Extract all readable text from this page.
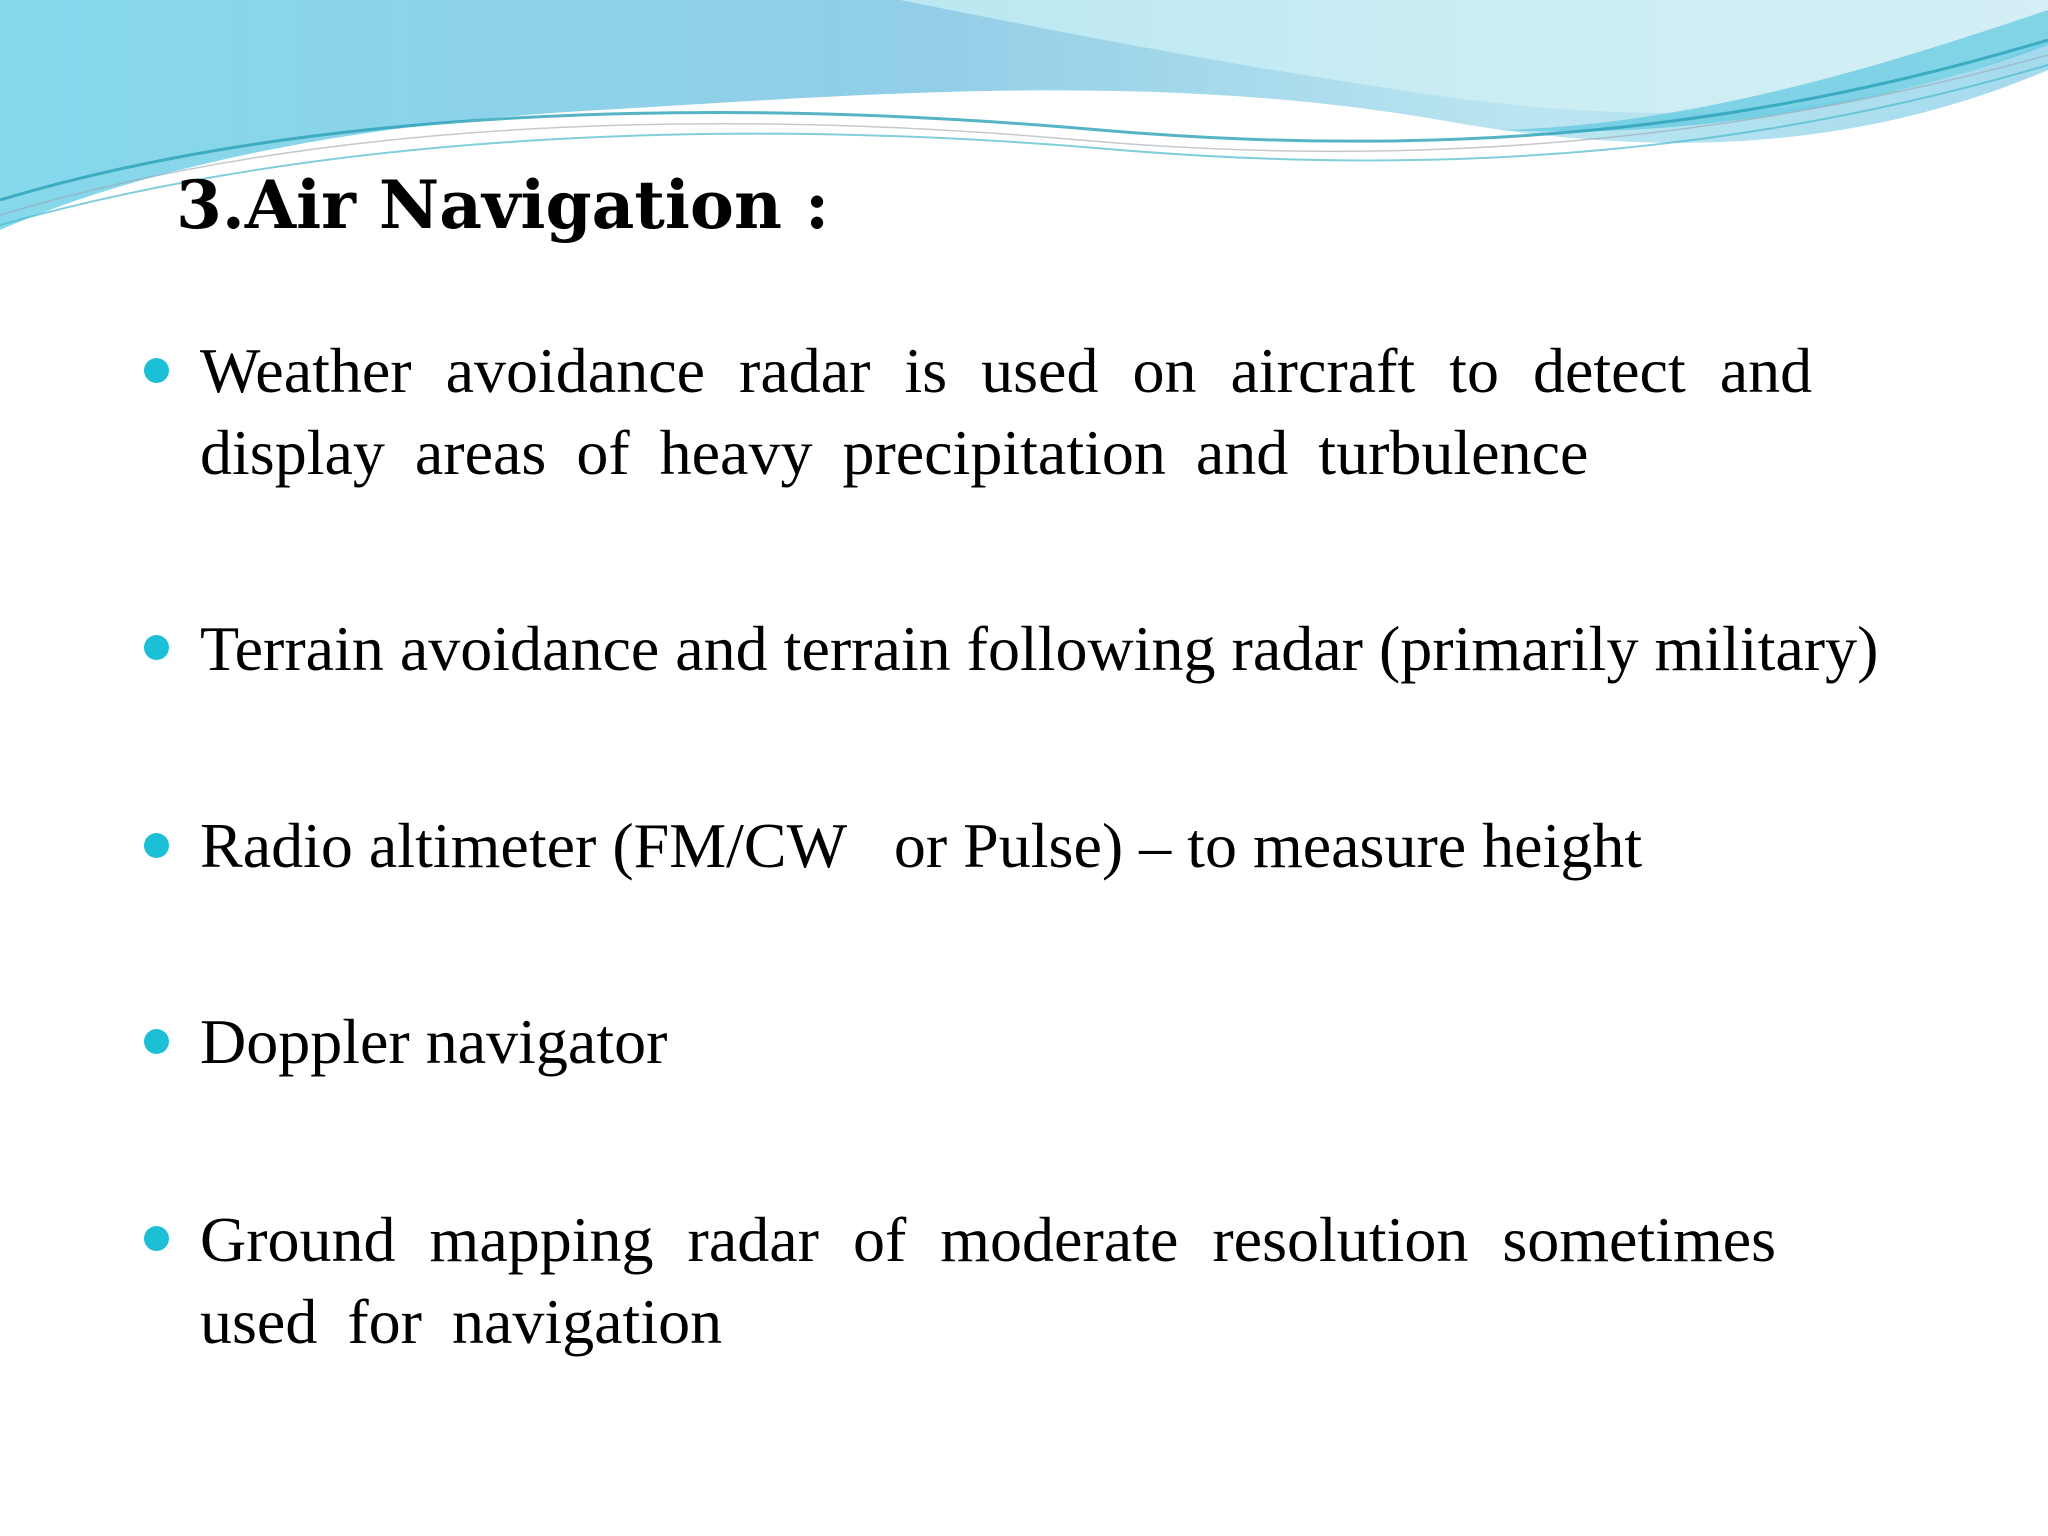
3.Air Navigation :
Weather avoidance radar is used on aircraft to detect and
display areas of heavy precipitation and turbulence
Terrain avoidance and terrain following radar (primarily military)
Radio altimeter (FM/CW   or Pulse) – to measure height
Doppler navigator
Ground mapping radar of moderate resolution sometimes
used for navigation
